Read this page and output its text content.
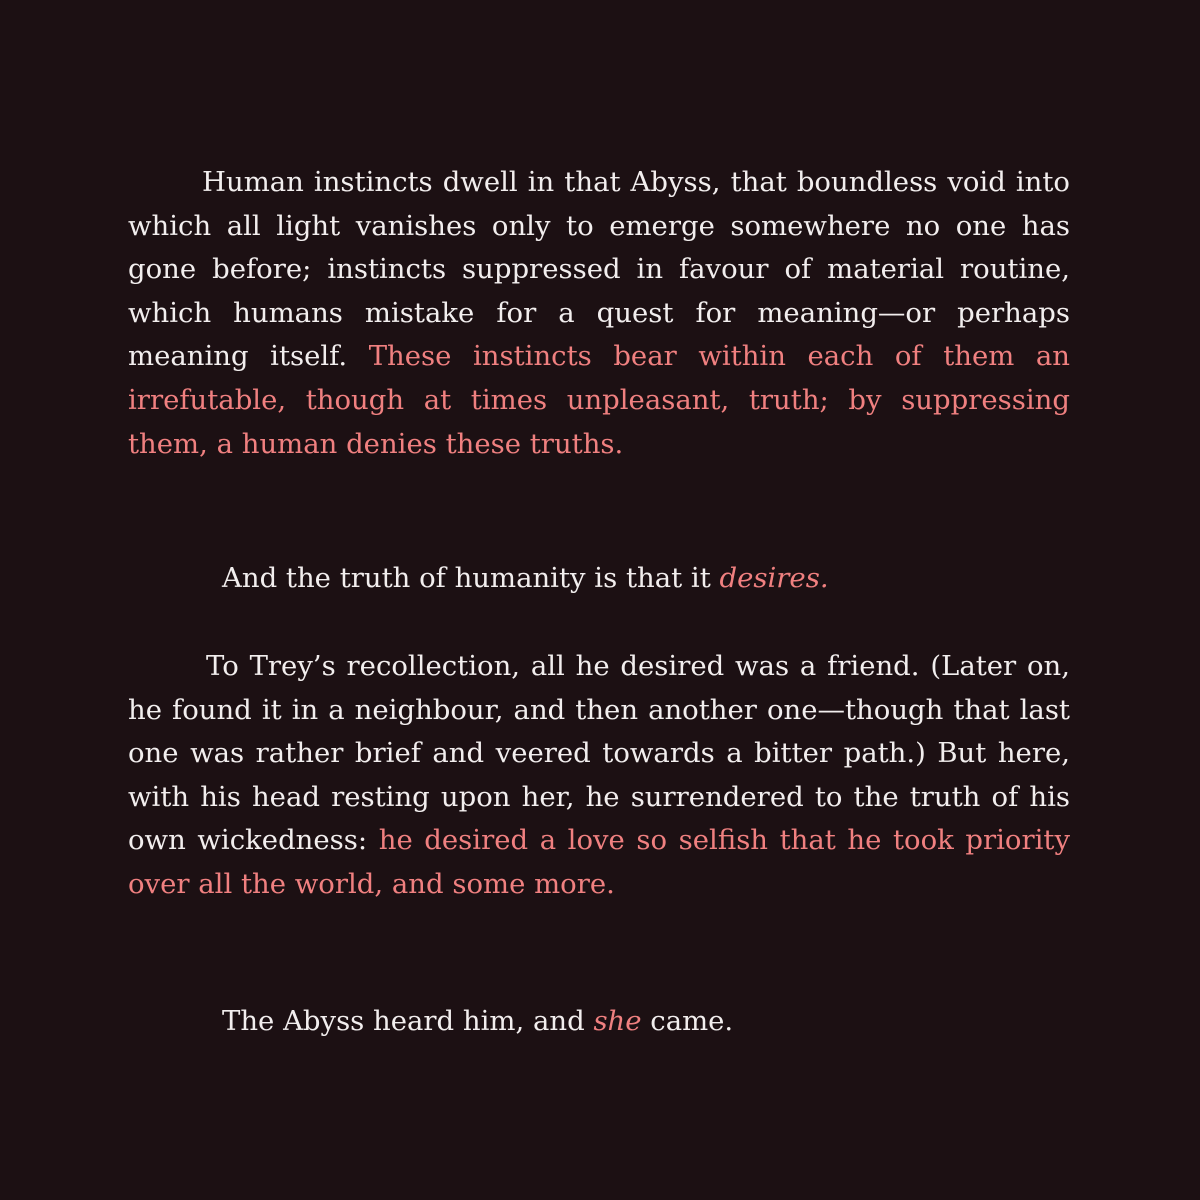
Human instincts dwell in that Abyss, that boundless void into which all light vanishes only to emerge somewhere no one has gone before; instincts suppressed in favour of material routine, which humans mistake for a quest for meaning—or perhaps meaning itself. These instincts bear within each of them an irrefutable, though at times unpleasant, truth; by suppressing them, a human denies these truths.

And the truth of humanity is that it desires.

To Trey’s recollection, all he desired was a friend. (Later on, he found it in a neighbour, and then another one—though that last one was rather brief and veered towards a bitter path.) But here, with his head resting upon her, he surrendered to the truth of his own wickedness: he desired a love so selfish that he took priority over all the world, and some more.

The Abyss heard him, and she came.
